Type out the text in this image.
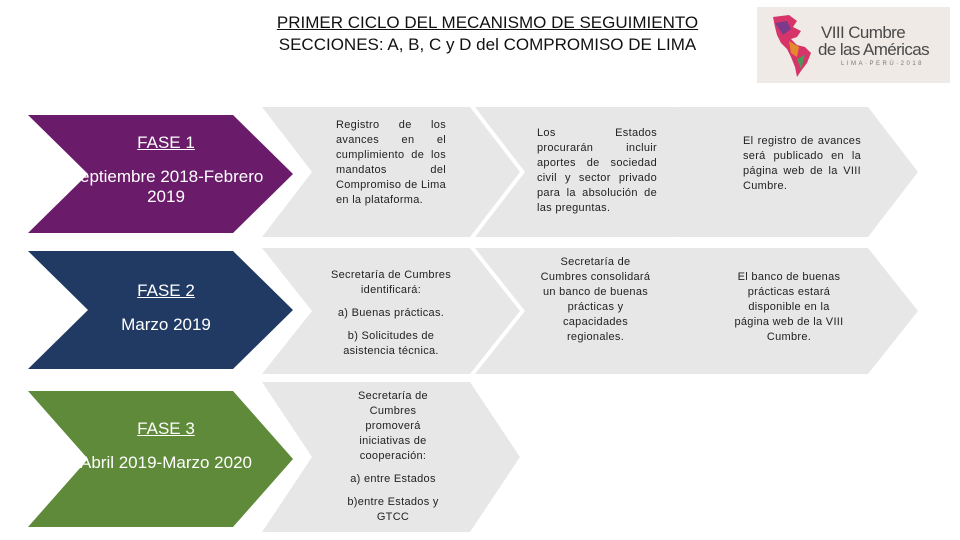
PRIMER CICLO DEL MECANISMO DE SEGUIMIENTO
SECCIONES: A, B, C y D del COMPROMISO DE LIMA
VIII Cumbre
de las Américas
LIMA·PERÚ·2018
FASE 1
Septiembre 2018-Febrero 2019
FASE 2
Marzo 2019
FASE 3
Abril 2019-Marzo 2020
Registro de los avances en el cumplimiento de los mandatos del Compromiso de Lima en la plataforma.
Los Estados procurarán incluir aportes de sociedad civil y sector privado para la absolución de las preguntas.
El registro de avances será publicado en la página web de la VIII Cumbre.

Secretaría de Cumbres identificará:

a) Buenas prácticas.

b) Solicitudes de asistencia técnica.

Secretaría de Cumbres consolidará un banco de buenas prácticas y capacidades regionales.
El banco de buenas prácticas estará disponible en la página web de la VIII Cumbre.

Secretaría de Cumbres promoverá iniciativas de cooperación:

a) entre Estados

b)entre Estados y GTCC
